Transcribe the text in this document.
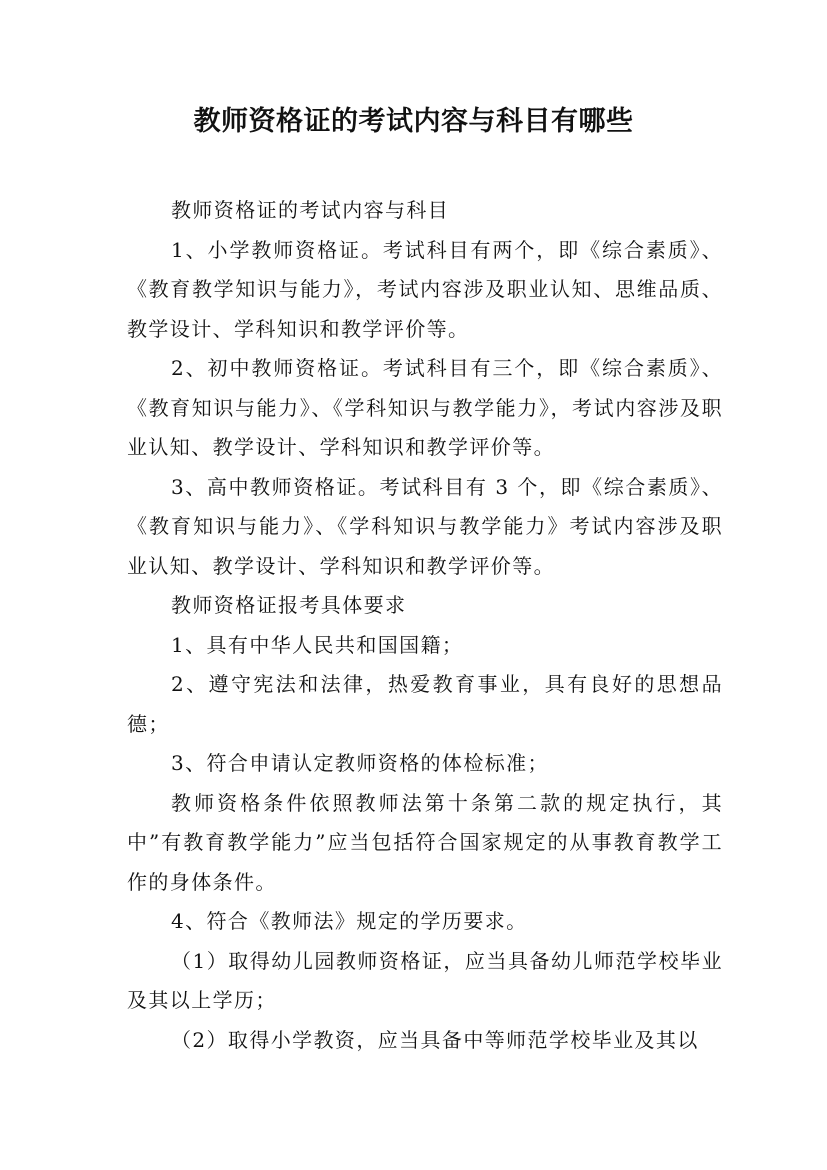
教师资格证的考试内容与科目有哪些

教师资格证的考试内容与科目

1、小学教师资格证。考试科目有两个，即《综合素质》、《教育教学知识与能力》，考试内容涉及职业认知、思维品质、教学设计、学科知识和教学评价等。

2、初中教师资格证。考试科目有三个，即《综合素质》、《教育知识与能力》、《学科知识与教学能力》，考试内容涉及职业认知、教学设计、学科知识和教学评价等。

3、高中教师资格证。考试科目有 3 个，即《综合素质》、《教育知识与能力》、《学科知识与教学能力》考试内容涉及职业认知、教学设计、学科知识和教学评价等。

教师资格证报考具体要求

1、具有中华人民共和国国籍；

2、遵守宪法和法律，热爱教育事业，具有良好的思想品德；

3、符合申请认定教师资格的体检标准；

教师资格条件依照教师法第十条第二款的规定执行，其中”有教育教学能力”应当包括符合国家规定的从事教育教学工作的身体条件。

4、符合《教师法》规定的学历要求。

（1）取得幼儿园教师资格证，应当具备幼儿师范学校毕业及其以上学历；

（2）取得小学教资，应当具备中等师范学校毕业及其以
